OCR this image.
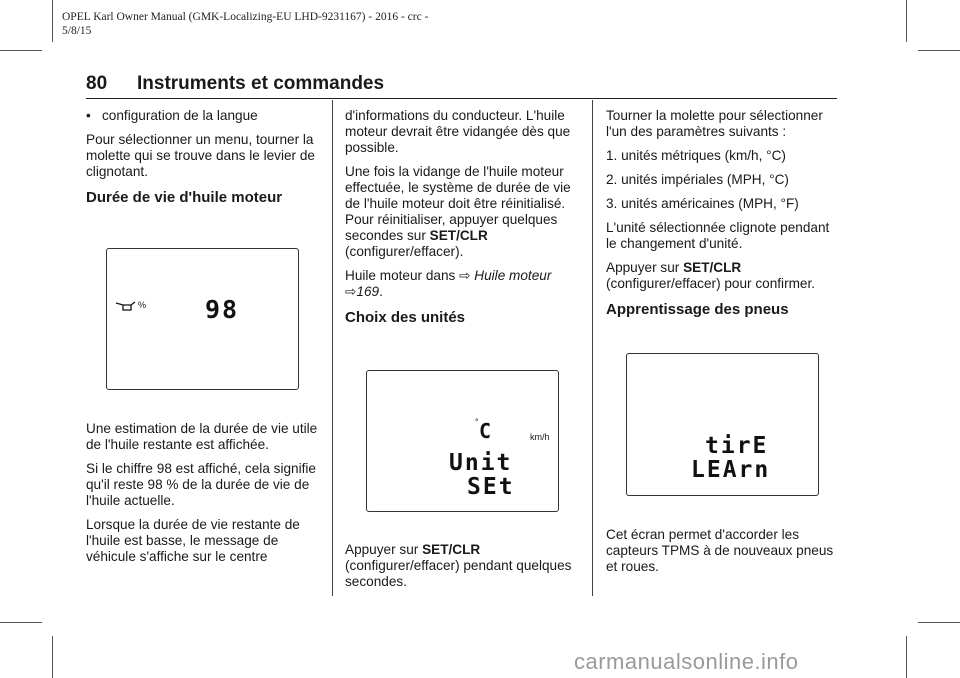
OPEL Karl Owner Manual (GMK-Localizing-EU LHD-9231167) - 2016 - crc -
5/8/15
80 Instruments et commandes

• configuration de la langue

Pour sélectionner un menu, tourner la molette qui se trouve dans le levier de clignotant.

Durée de vie d'huile moteur
% 98

Une estimation de la durée de vie utile de l'huile restante est affichée.

Si le chiffre 98 est affiché, cela signifie qu'il reste 98 % de la durée de vie de l'huile actuelle.

Lorsque la durée de vie restante de l'huile est basse, le message de véhicule s'affiche sur le centre

d'informations du conducteur. L'huile moteur devrait être vidangée dès que possible.

Une fois la vidange de l'huile moteur effectuée, le système de durée de vie de l'huile moteur doit être réinitialisé. Pour réinitialiser, appuyer quelques secondes sur SET/CLR (configurer/effacer).

Huile moteur dans ⇨ Huile moteur ⇨169.

Choix des unités
° C	km/h
Unit
SEt

Appuyer sur SET/CLR (configurer/effacer) pendant quelques secondes.

Tourner la molette pour sélectionner l'un des paramètres suivants :

1. unités métriques (km/h, °C)

2. unités impériales (MPH, °C)

3. unités américaines (MPH, °F)

L'unité sélectionnée clignote pendant le changement d'unité.

Appuyer sur SET/CLR (configurer/effacer) pour confirmer.

Apprentissage des pneus
tirE
LEArn

Cet écran permet d'accorder les capteurs TPMS à de nouveaux pneus et roues.

carmanualsonline.info
